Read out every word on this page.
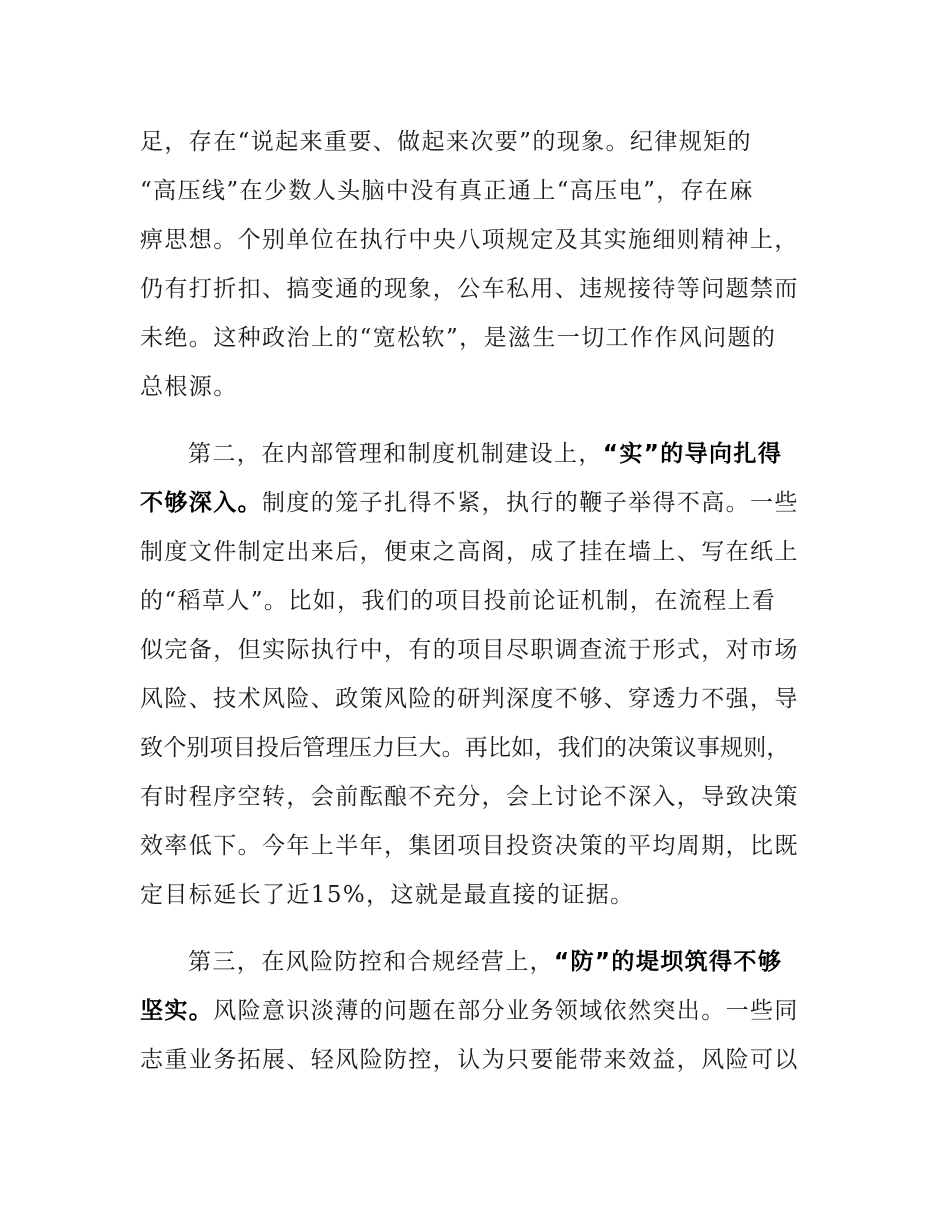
足，存在“说起来重要、做起来次要”的现象。纪律规矩的
“高压线”在少数人头脑中没有真正通上“高压电”，存在麻
痹思想。个别单位在执行中央八项规定及其实施细则精神上，
仍有打折扣、搞变通的现象，公车私用、违规接待等问题禁而
未绝。这种政治上的“宽松软”，是滋生一切工作作风问题的
总根源。
第二，在内部管理和制度机制建设上，“实”的导向扎得
不够深入。制度的笼子扎得不紧，执行的鞭子举得不高。一些
制度文件制定出来后，便束之高阁，成了挂在墙上、写在纸上
的“稻草人”。比如，我们的项目投前论证机制，在流程上看
似完备，但实际执行中，有的项目尽职调查流于形式，对市场
风险、技术风险、政策风险的研判深度不够、穿透力不强，导
致个别项目投后管理压力巨大。再比如，我们的决策议事规则，
有时程序空转，会前酝酿不充分，会上讨论不深入，导致决策
效率低下。今年上半年，集团项目投资决策的平均周期，比既
定目标延长了近15%，这就是最直接的证据。
第三，在风险防控和合规经营上，“防”的堤坝筑得不够
坚实。风险意识淡薄的问题在部分业务领域依然突出。一些同
志重业务拓展、轻风险防控，认为只要能带来效益，风险可以
